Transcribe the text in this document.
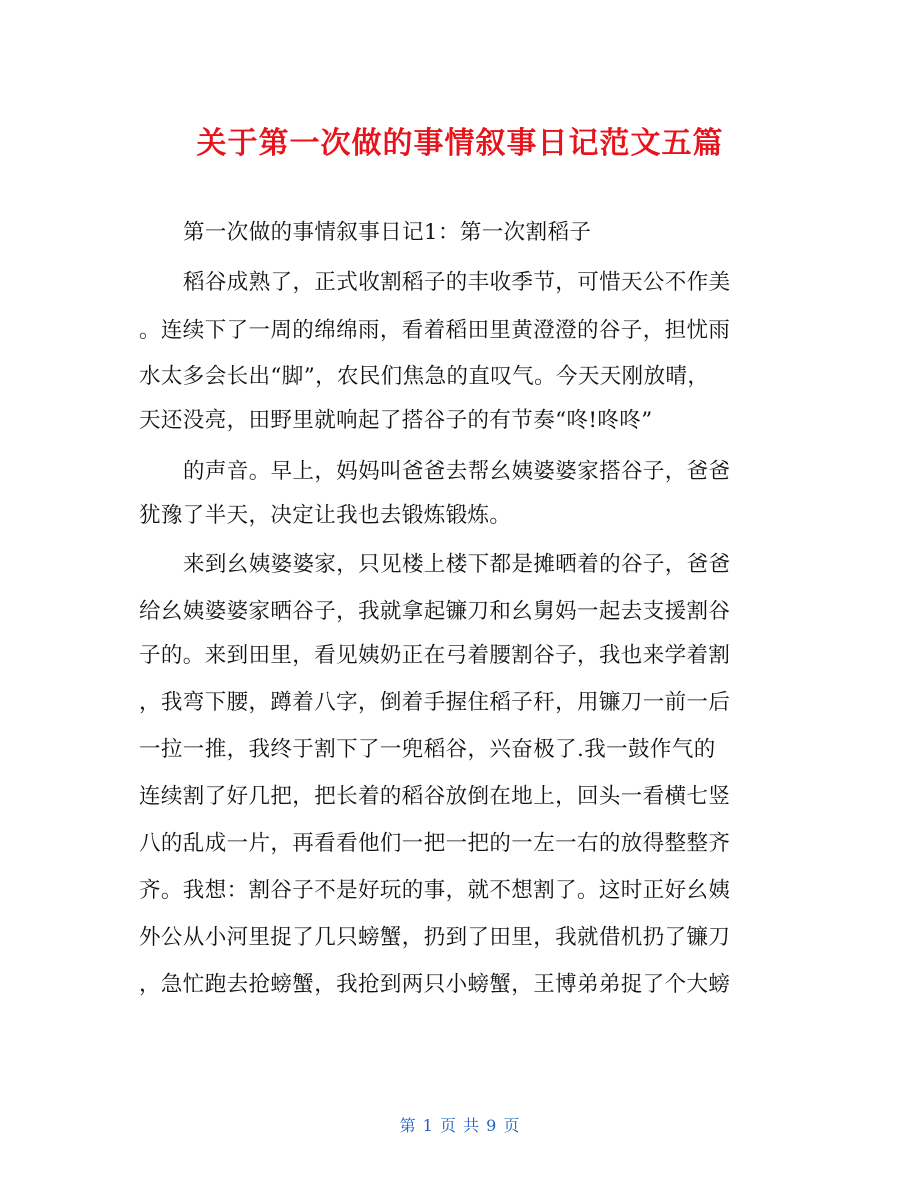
关于第一次做的事情叙事日记范文五篇
第一次做的事情叙事日记1：第一次割稻子
稻谷成熟了，正式收割稻子的丰收季节，可惜天公不作美
。连续下了一周的绵绵雨，看着稻田里黄澄澄的谷子，担忧雨
水太多会长出“脚”，农民们焦急的直叹气。今天天刚放晴，
天还没亮，田野里就响起了搭谷子的有节奏“咚!咚咚”
的声音。早上，妈妈叫爸爸去帮幺姨婆婆家搭谷子，爸爸
犹豫了半天，决定让我也去锻炼锻炼。
来到幺姨婆婆家，只见楼上楼下都是摊晒着的谷子，爸爸
给幺姨婆婆家晒谷子，我就拿起镰刀和幺舅妈一起去支援割谷
子的。来到田里，看见姨奶正在弓着腰割谷子，我也来学着割
，我弯下腰，蹲着八字，倒着手握住稻子秆，用镰刀一前一后
一拉一推，我终于割下了一兜稻谷，兴奋极了.我一鼓作气的
连续割了好几把，把长着的稻谷放倒在地上，回头一看横七竖
八的乱成一片，再看看他们一把一把的一左一右的放得整整齐
齐。我想：割谷子不是好玩的事，就不想割了。这时正好幺姨
外公从小河里捉了几只螃蟹，扔到了田里，我就借机扔了镰刀
，急忙跑去抢螃蟹，我抢到两只小螃蟹，王博弟弟捉了个大螃
第 1 页 共 9 页
